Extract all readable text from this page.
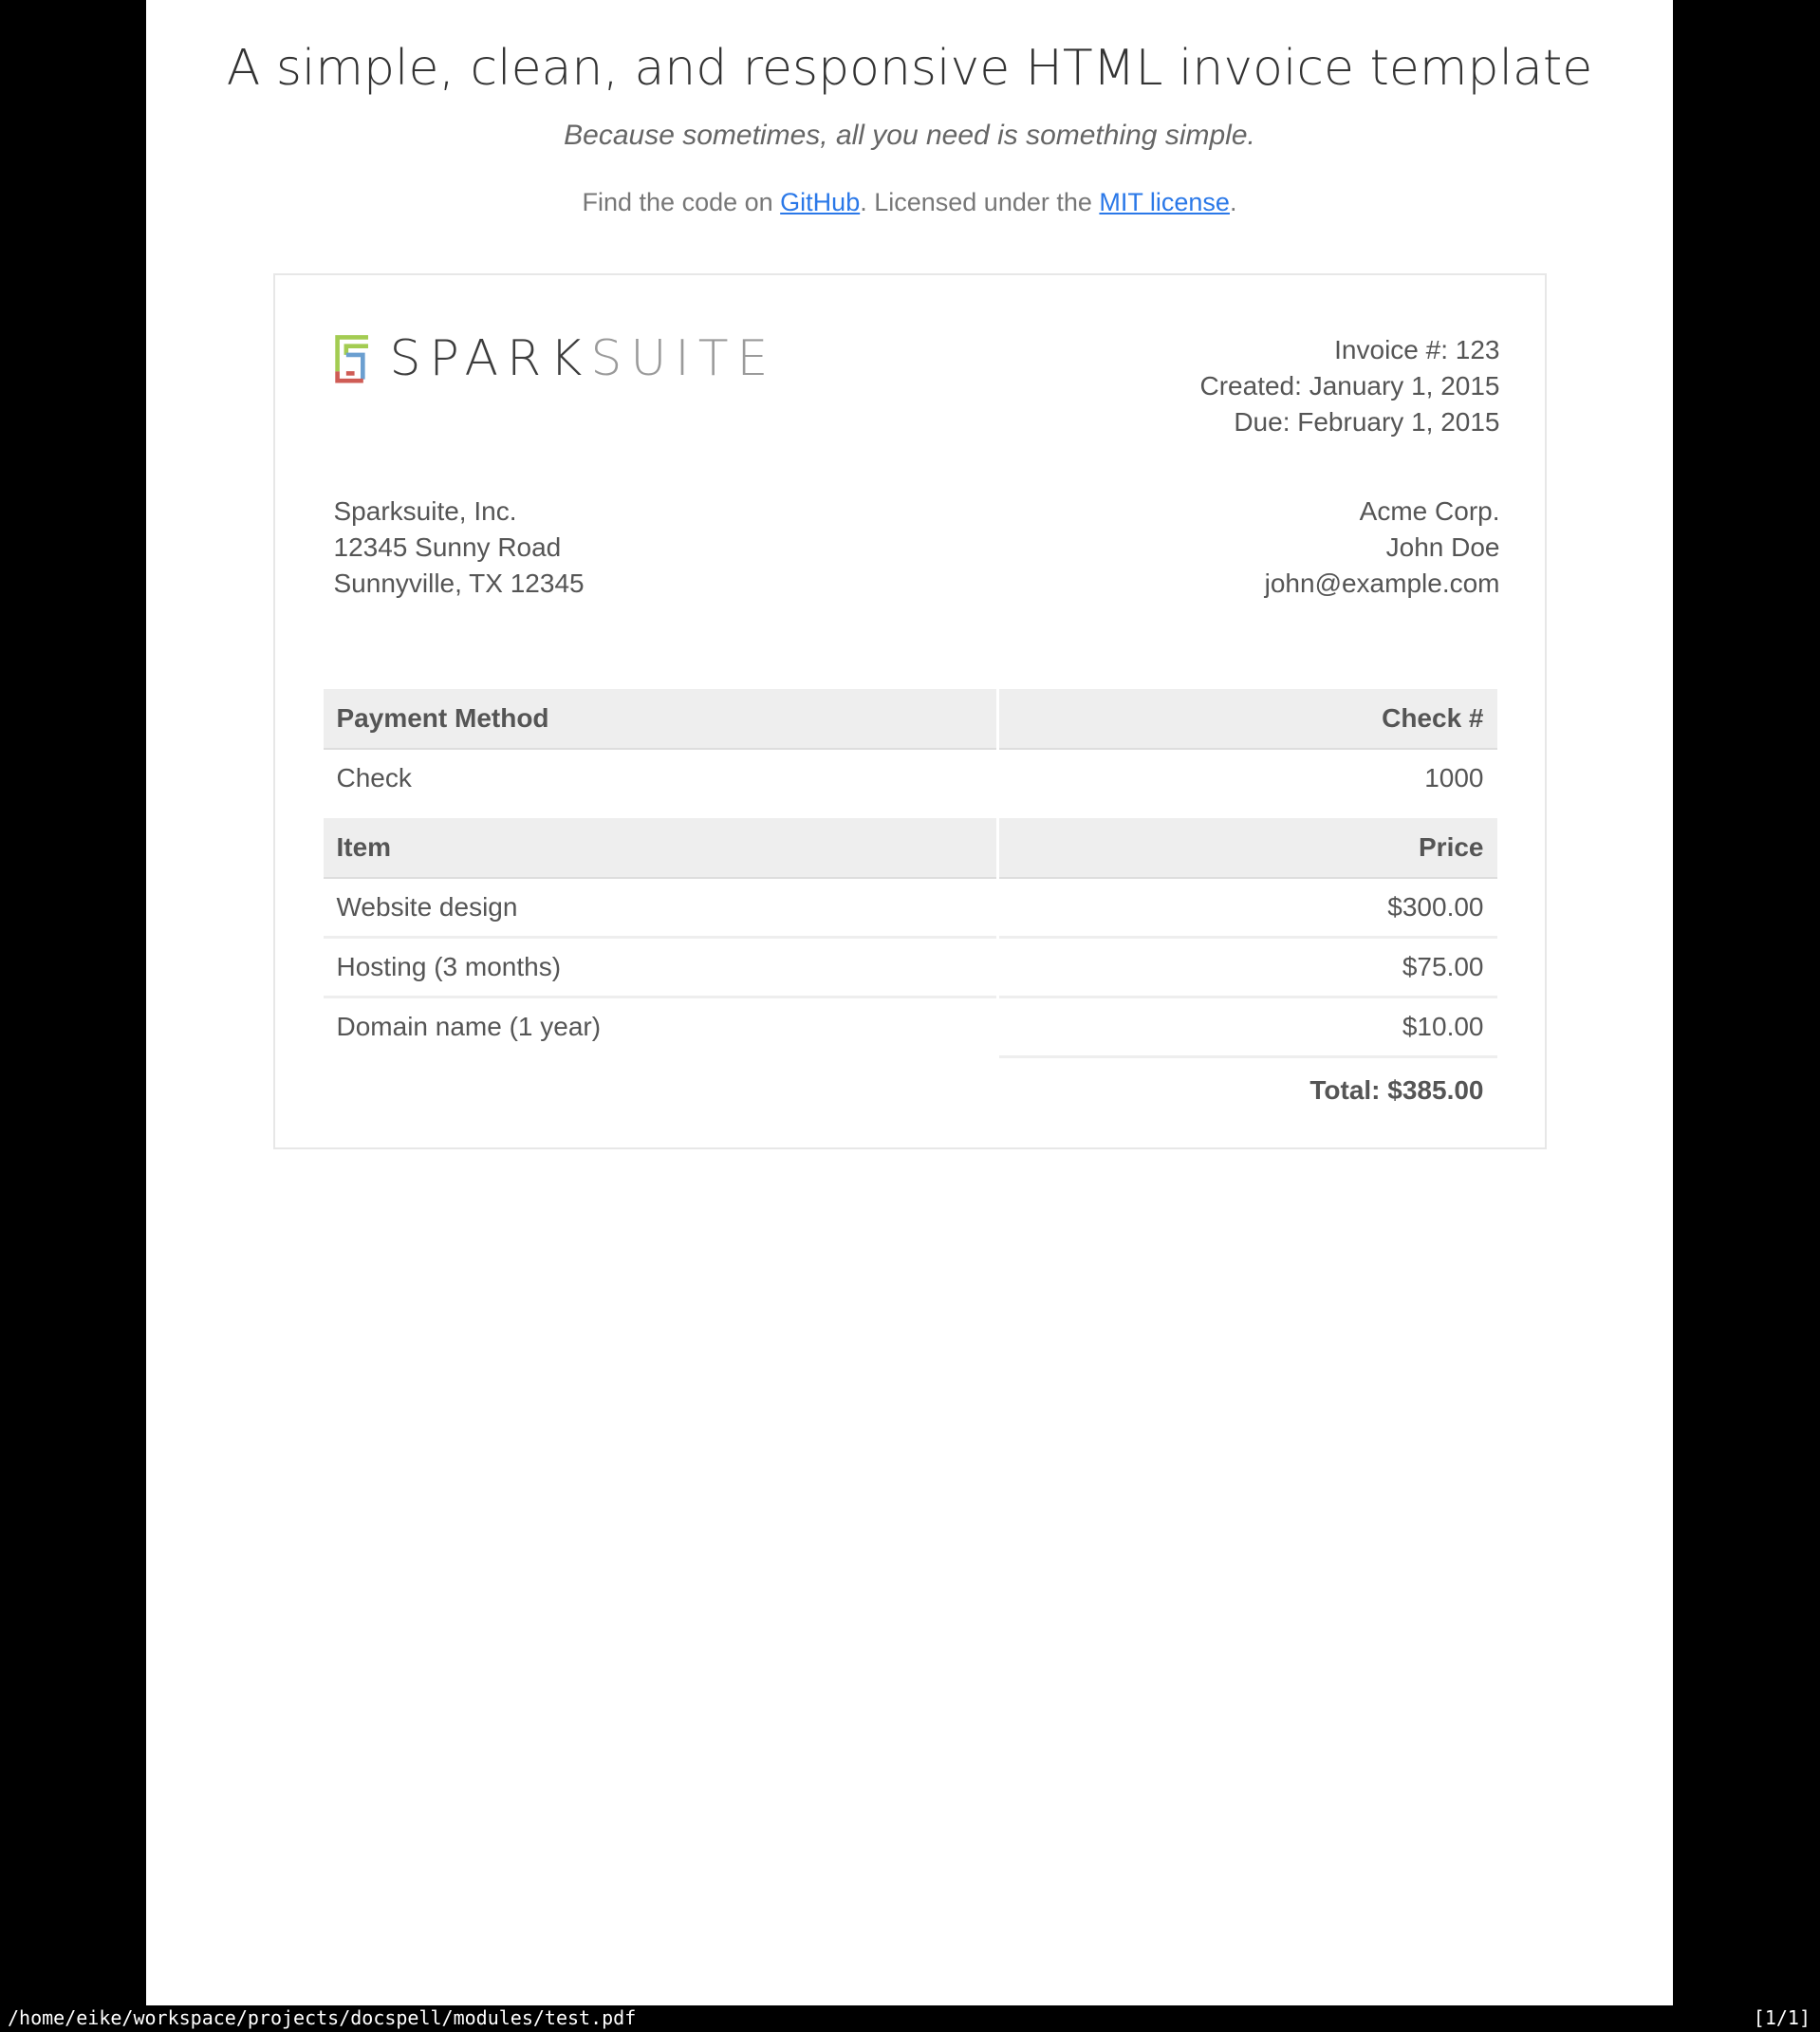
A simple, clean, and responsive HTML invoice template
Because sometimes, all you need is something simple.
Find the code on GitHub. Licensed under the MIT license.
SPARKSUITE	Invoice #: 123
Created: January 1, 2015
Due: February 1, 2015
Sparksuite, Inc.
12345 Sunny Road
Sunnyville, TX 12345
Acme Corp.
John Doe
john@example.com
Payment Method	Check #
Check	1000
Item	Price
Website design	$300.00
Hosting (3 months)	$75.00
Domain name (1 year)	$10.00
	Total: $385.00
/home/eike/workspace/projects/docspell/modules/test.pdf	[1/1]
